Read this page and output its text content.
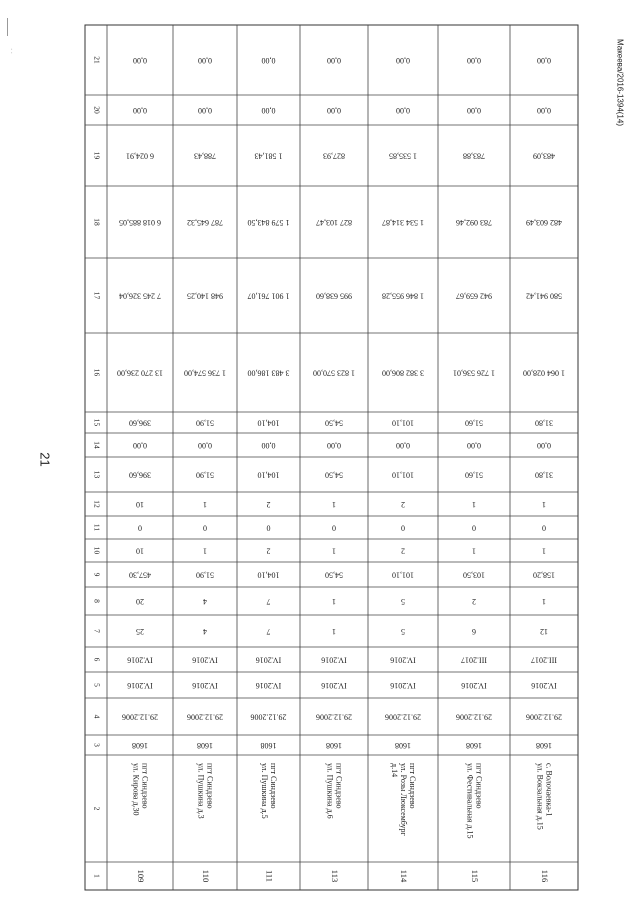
· ·
21
Макеева/2016-1394(14)
1
2
3
4
5
6
7
8
9
10
11
12
13
14
15
16
17
18
19
20
21
109
пгт Синдзево
ул. Кирова д.30
1608
29.12.2006
IV.2016
IV.2016
25
20
457,30
10
0
10
396,60
0,00
396,60
13 270 236,00
7 245 326,04
6 018 885,05
6 024,91
0,00
0,00
110
пгт Синдзево
ул. Пушкина д.3
1608
29.12.2006
IV.2016
IV.2016
4
4
51,90
1
0
1
51,90
0,00
51,90
1 736 574,00
948 140,25
787 645,32
788,43
0,00
0,00
111
пгт Синдзево
ул. Пушкина д.5
1608
29.12.2006
IV.2016
IV.2016
7
7
104,10
2
0
2
104,10
0,00
104,10
3 483 186,00
1 901 761,07
1 579 843,50
1 581,43
0,00
0,00
113
пгт Синдзево
ул. Пушкина д.6
1608
29.12.2006
IV.2016
IV.2016
1
1
54,50
1
0
1
54,50
0,00
54,50
1 823 570,00
995 638,60
827 103,47
827,93
0,00
0,00
114
пгт Синдзево
ул. Розы Люксембург
д.14
1608
29.12.2006
IV.2016
IV.2016
5
5
101,10
2
0
2
101,10
0,00
101,10
3 382 806,00
1 846 955,28
1 534 314,87
1 535,85
0,00
0,00
115
пгт Синдзево
ул. Фестивальная д.15
1608
29.12.2006
IV.2016
III.2017
6
2
103,50
1
0
1
51,60
0,00
51,60
1 726 536,01
942 659,67
783 092,46
783,88
0,00
0,00
116
с. Волочаевка-1
ул. Вокзальная д.15
1608
29.12.2006
IV.2016
III.2017
12
1
158,20
1
0
1
31,80
0,00
31,80
1 064 028,00
580 941,42
482 603,49
483,09
0,00
0,00
